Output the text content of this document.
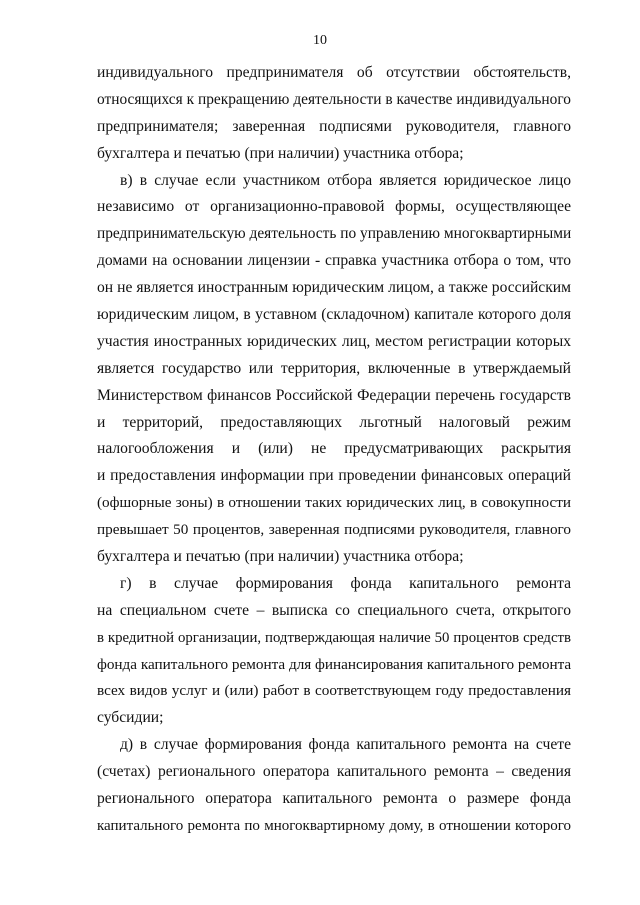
10
индивидуального предпринимателя об отсутствии обстоятельств,
относящихся к прекращению деятельности в качестве индивидуального
предпринимателя; заверенная подписями руководителя, главного
бухгалтера и печатью (при наличии) участника отбора;
в) в случае если участником отбора является юридическое лицо
независимо от организационно-правовой формы, осуществляющее
предпринимательскую деятельность по управлению многоквартирными
домами на основании лицензии - справка участника отбора о том, что
он не является иностранным юридическим лицом, а также российским
юридическим лицом, в уставном (складочном) капитале которого доля
участия иностранных юридических лиц, местом регистрации которых
является государство или территория, включенные в утверждаемый
Министерством финансов Российской Федерации перечень государств
и территорий, предоставляющих льготный налоговый режим
налогообложения и (или) не предусматривающих раскрытия
и предоставления информации при проведении финансовых операций
(офшорные зоны) в отношении таких юридических лиц, в совокупности
превышает 50 процентов, заверенная подписями руководителя, главного
бухгалтера и печатью (при наличии) участника отбора;
г) в случае формирования фонда капитального ремонта
на специальном счете – выписка со специального счета, открытого
в кредитной организации, подтверждающая наличие 50 процентов средств
фонда капитального ремонта для финансирования капитального ремонта
всех видов услуг и (или) работ в соответствующем году предоставления
субсидии;
д) в случае формирования фонда капитального ремонта на счете
(счетах) регионального оператора капитального ремонта – сведения
регионального оператора капитального ремонта о размере фонда
капитального ремонта по многоквартирному дому, в отношении которого
